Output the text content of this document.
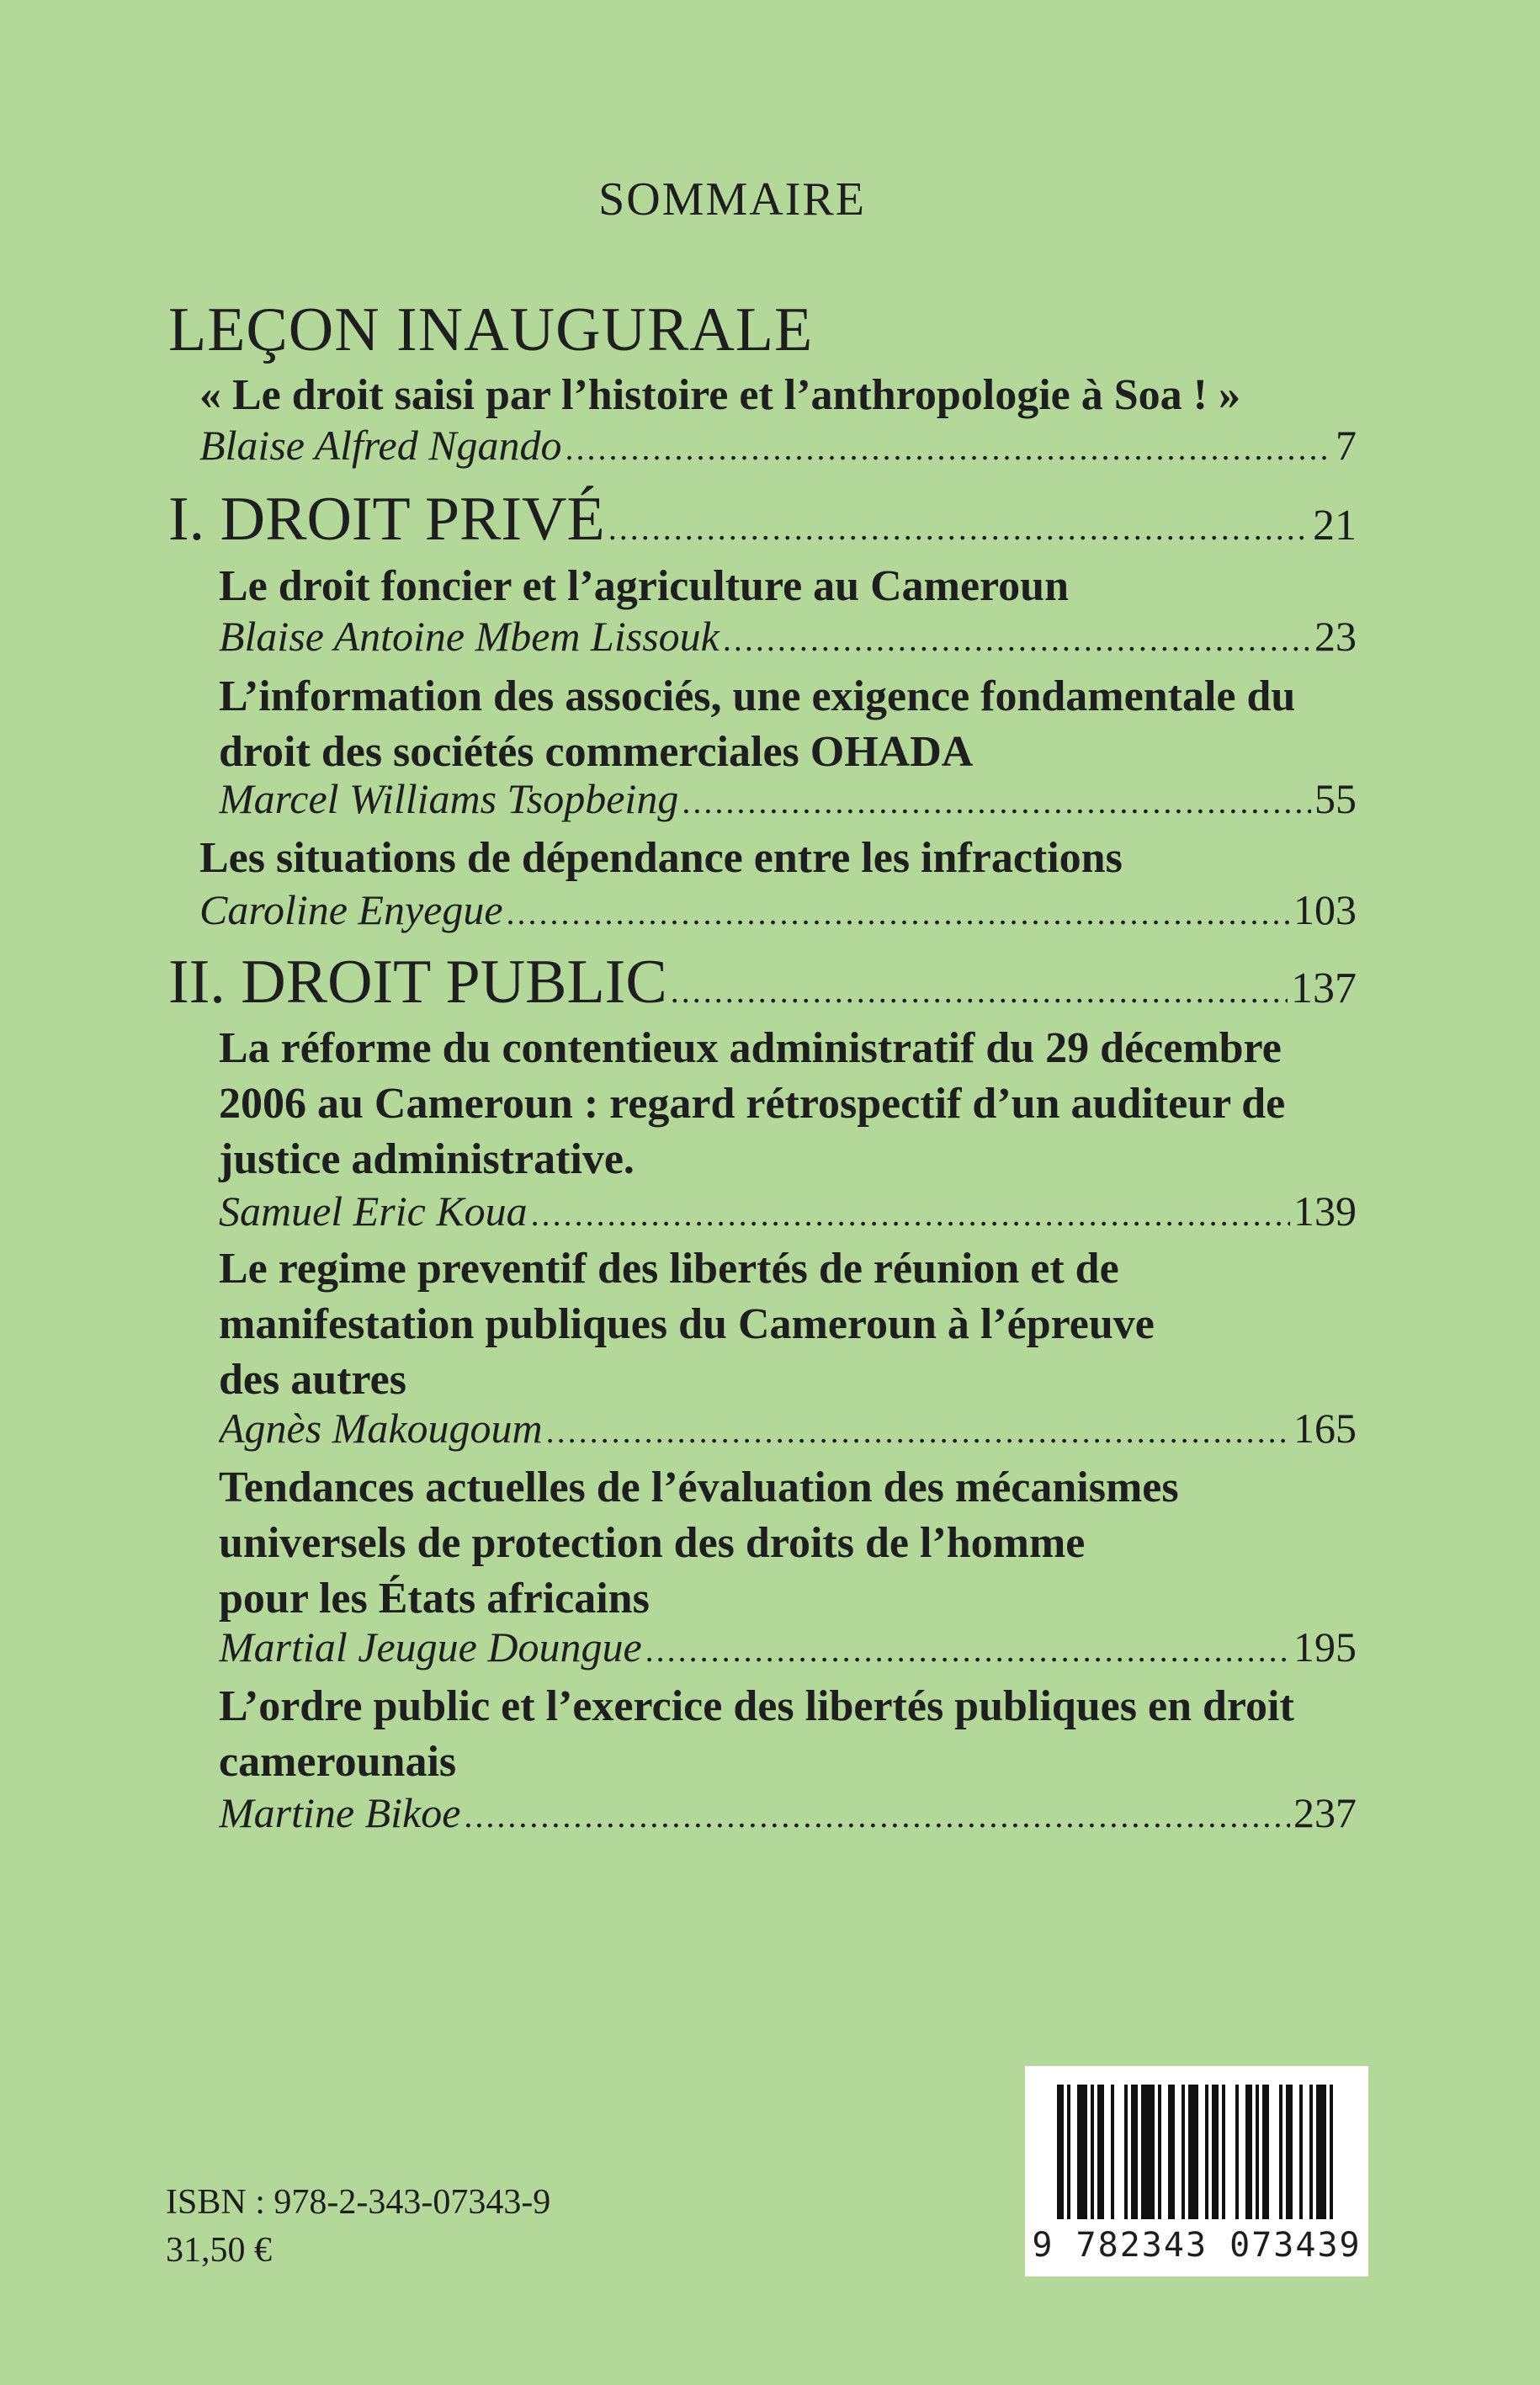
SOMMAIRE
LEÇON INAUGURALE
« Le droit saisi par l’histoire et l’anthropologie à Soa ! »
Blaise Alfred Ngando .....	7
I. DROIT PRIVÉ .....	21
Le droit foncier et l’agriculture au Cameroun
Blaise Antoine Mbem Lissouk .....	23
L’information des associés, une exigence fondamentale du
droit des sociétés commerciales OHADA
Marcel Williams Tsopbeing .....	55
Les situations de dépendance entre les infractions
Caroline Enyegue .....	103
II. DROIT PUBLIC .....	137
La réforme du contentieux administratif du 29 décembre
2006 au Cameroun : regard rétrospectif d’un auditeur de
justice administrative.
Samuel Eric Koua .....	139
Le regime preventif des libertés de réunion et de
manifestation publiques du Cameroun à l’épreuve
des autres
Agnès Makougoum .....	165
Tendances actuelles de l’évaluation des mécanismes
universels de protection des droits de l’homme
pour les États africains
Martial Jeugue Doungue .....	195
L’ordre public et l’exercice des libertés publiques en droit
camerounais
Martine Bikoe .....	237
ISBN : 978-2-343-07343-9
31,50 €	9 782343 073439
